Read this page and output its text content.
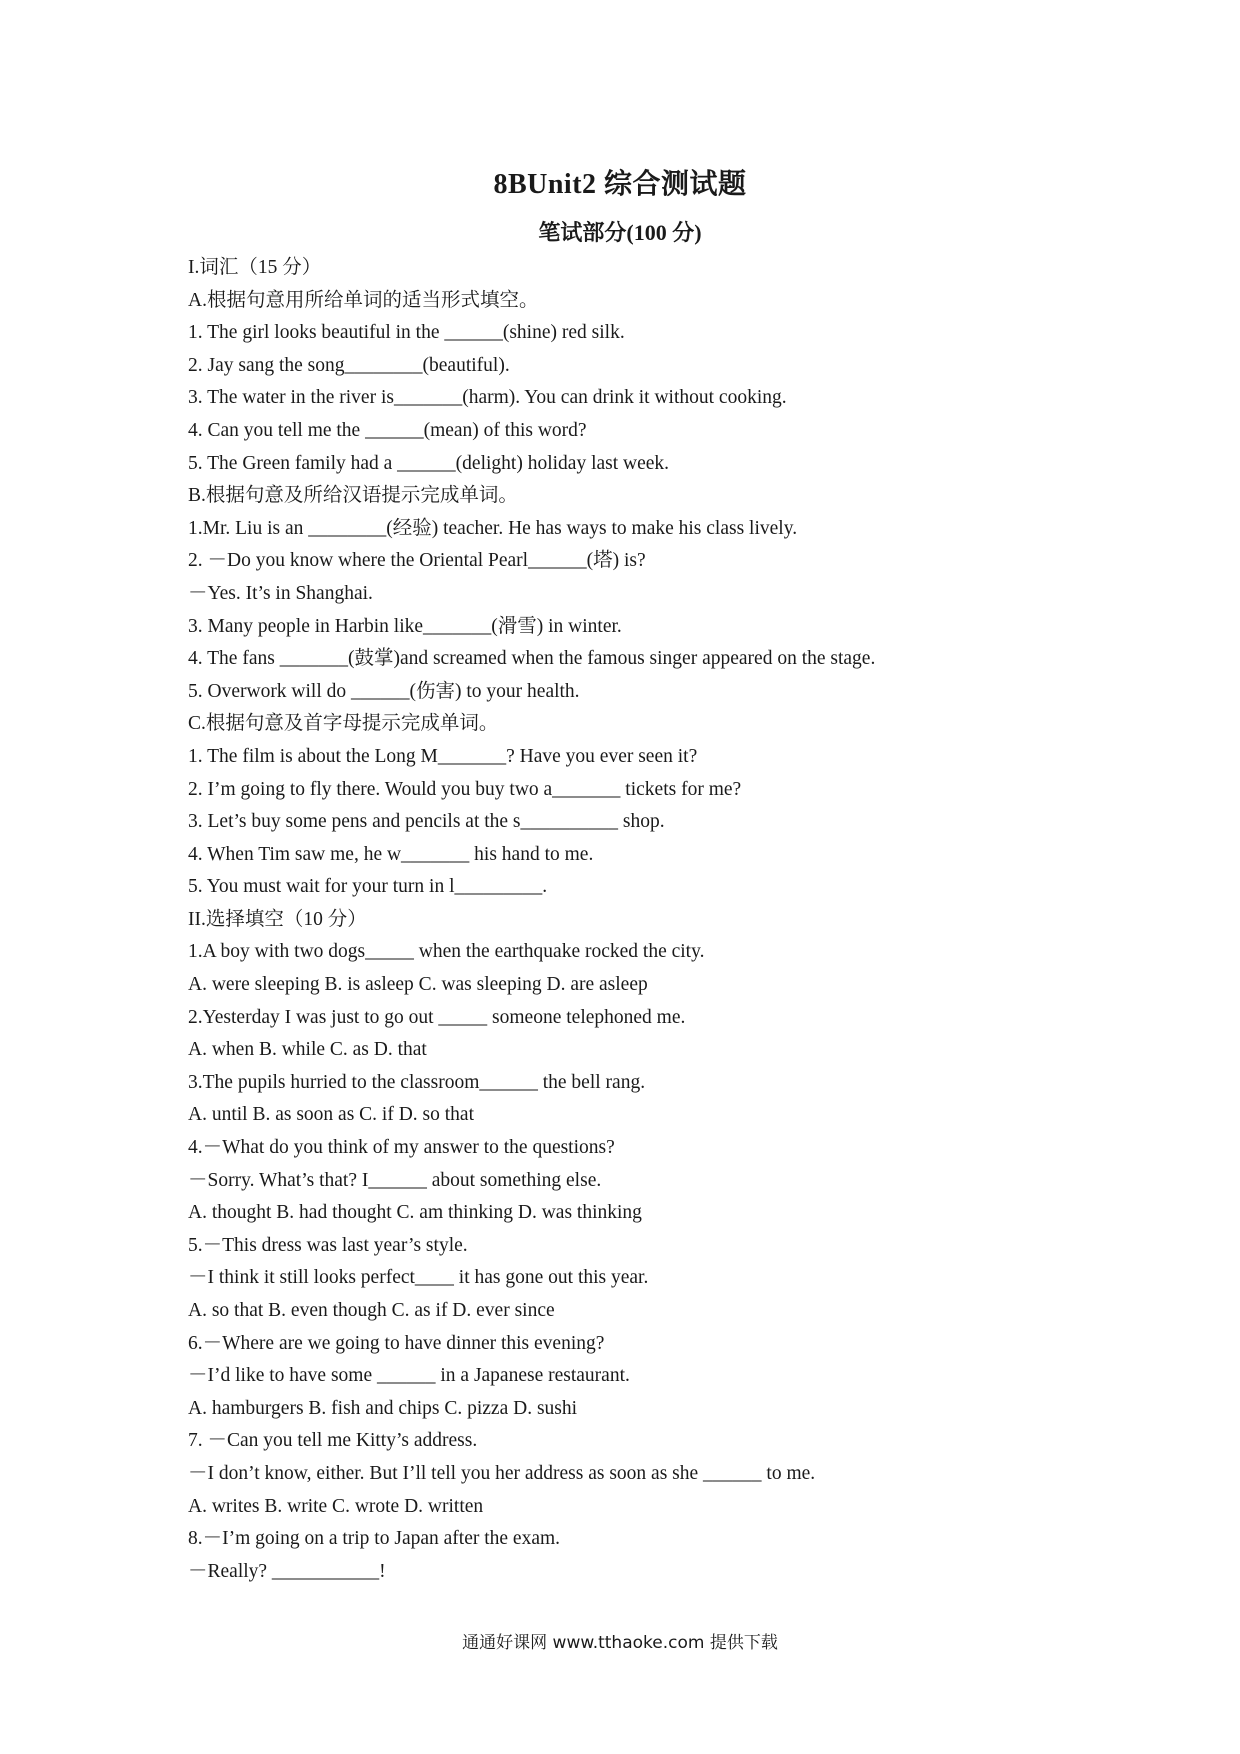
8BUnit2 综合测试题
笔试部分(100 分)
I.词汇（15 分）
A.根据句意用所给单词的适当形式填空。
1. The girl looks beautiful in the ______(shine) red silk.
2. Jay sang the song________(beautiful).
3. The water in the river is_______(harm). You can drink it without cooking.
4. Can you tell me the ______(mean) of this word?
5. The Green family had a ______(delight) holiday last week.
B.根据句意及所给汉语提示完成单词。
1.Mr. Liu is an ________(经验) teacher. He has ways to make his class lively.
2. －Do you know where the Oriental Pearl______(塔) is?
－Yes. It’s in Shanghai.
3. Many people in Harbin like_______(滑雪) in winter.
4. The fans _______(鼓掌)and screamed when the famous singer appeared on the stage.
5. Overwork will do ______(伤害) to your health.
C.根据句意及首字母提示完成单词。
1. The film is about the Long M_______? Have you ever seen it?
2. I’m going to fly there. Would you buy two a_______ tickets for me?
3. Let’s buy some pens and pencils at the s__________ shop.
4. When Tim saw me, he w_______ his hand to me.
5. You must wait for your turn in l_________.
II.选择填空（10 分）
1.A boy with two dogs_____ when the earthquake rocked the city.
A. were sleeping B. is asleep C. was sleeping D. are asleep
2.Yesterday I was just to go out _____ someone telephoned me.
A. when B. while C. as D. that
3.The pupils hurried to the classroom______ the bell rang.
A. until B. as soon as C. if D. so that
4.－What do you think of my answer to the questions?
－Sorry. What’s that? I______ about something else.
A. thought B. had thought C. am thinking D. was thinking
5.－This dress was last year’s style.
－I think it still looks perfect____ it has gone out this year.
A. so that B. even though C. as if D. ever since
6.－Where are we going to have dinner this evening?
－I’d like to have some ______ in a Japanese restaurant.
A. hamburgers B. fish and chips C. pizza D. sushi
7. －Can you tell me Kitty’s address.
－I don’t know, either. But I’ll tell you her address as soon as she ______ to me.
A. writes B. write C. wrote D. written
8.－I’m going on a trip to Japan after the exam.
－Really? ___________!
通通好课网 www.tthaoke.com 提供下载
